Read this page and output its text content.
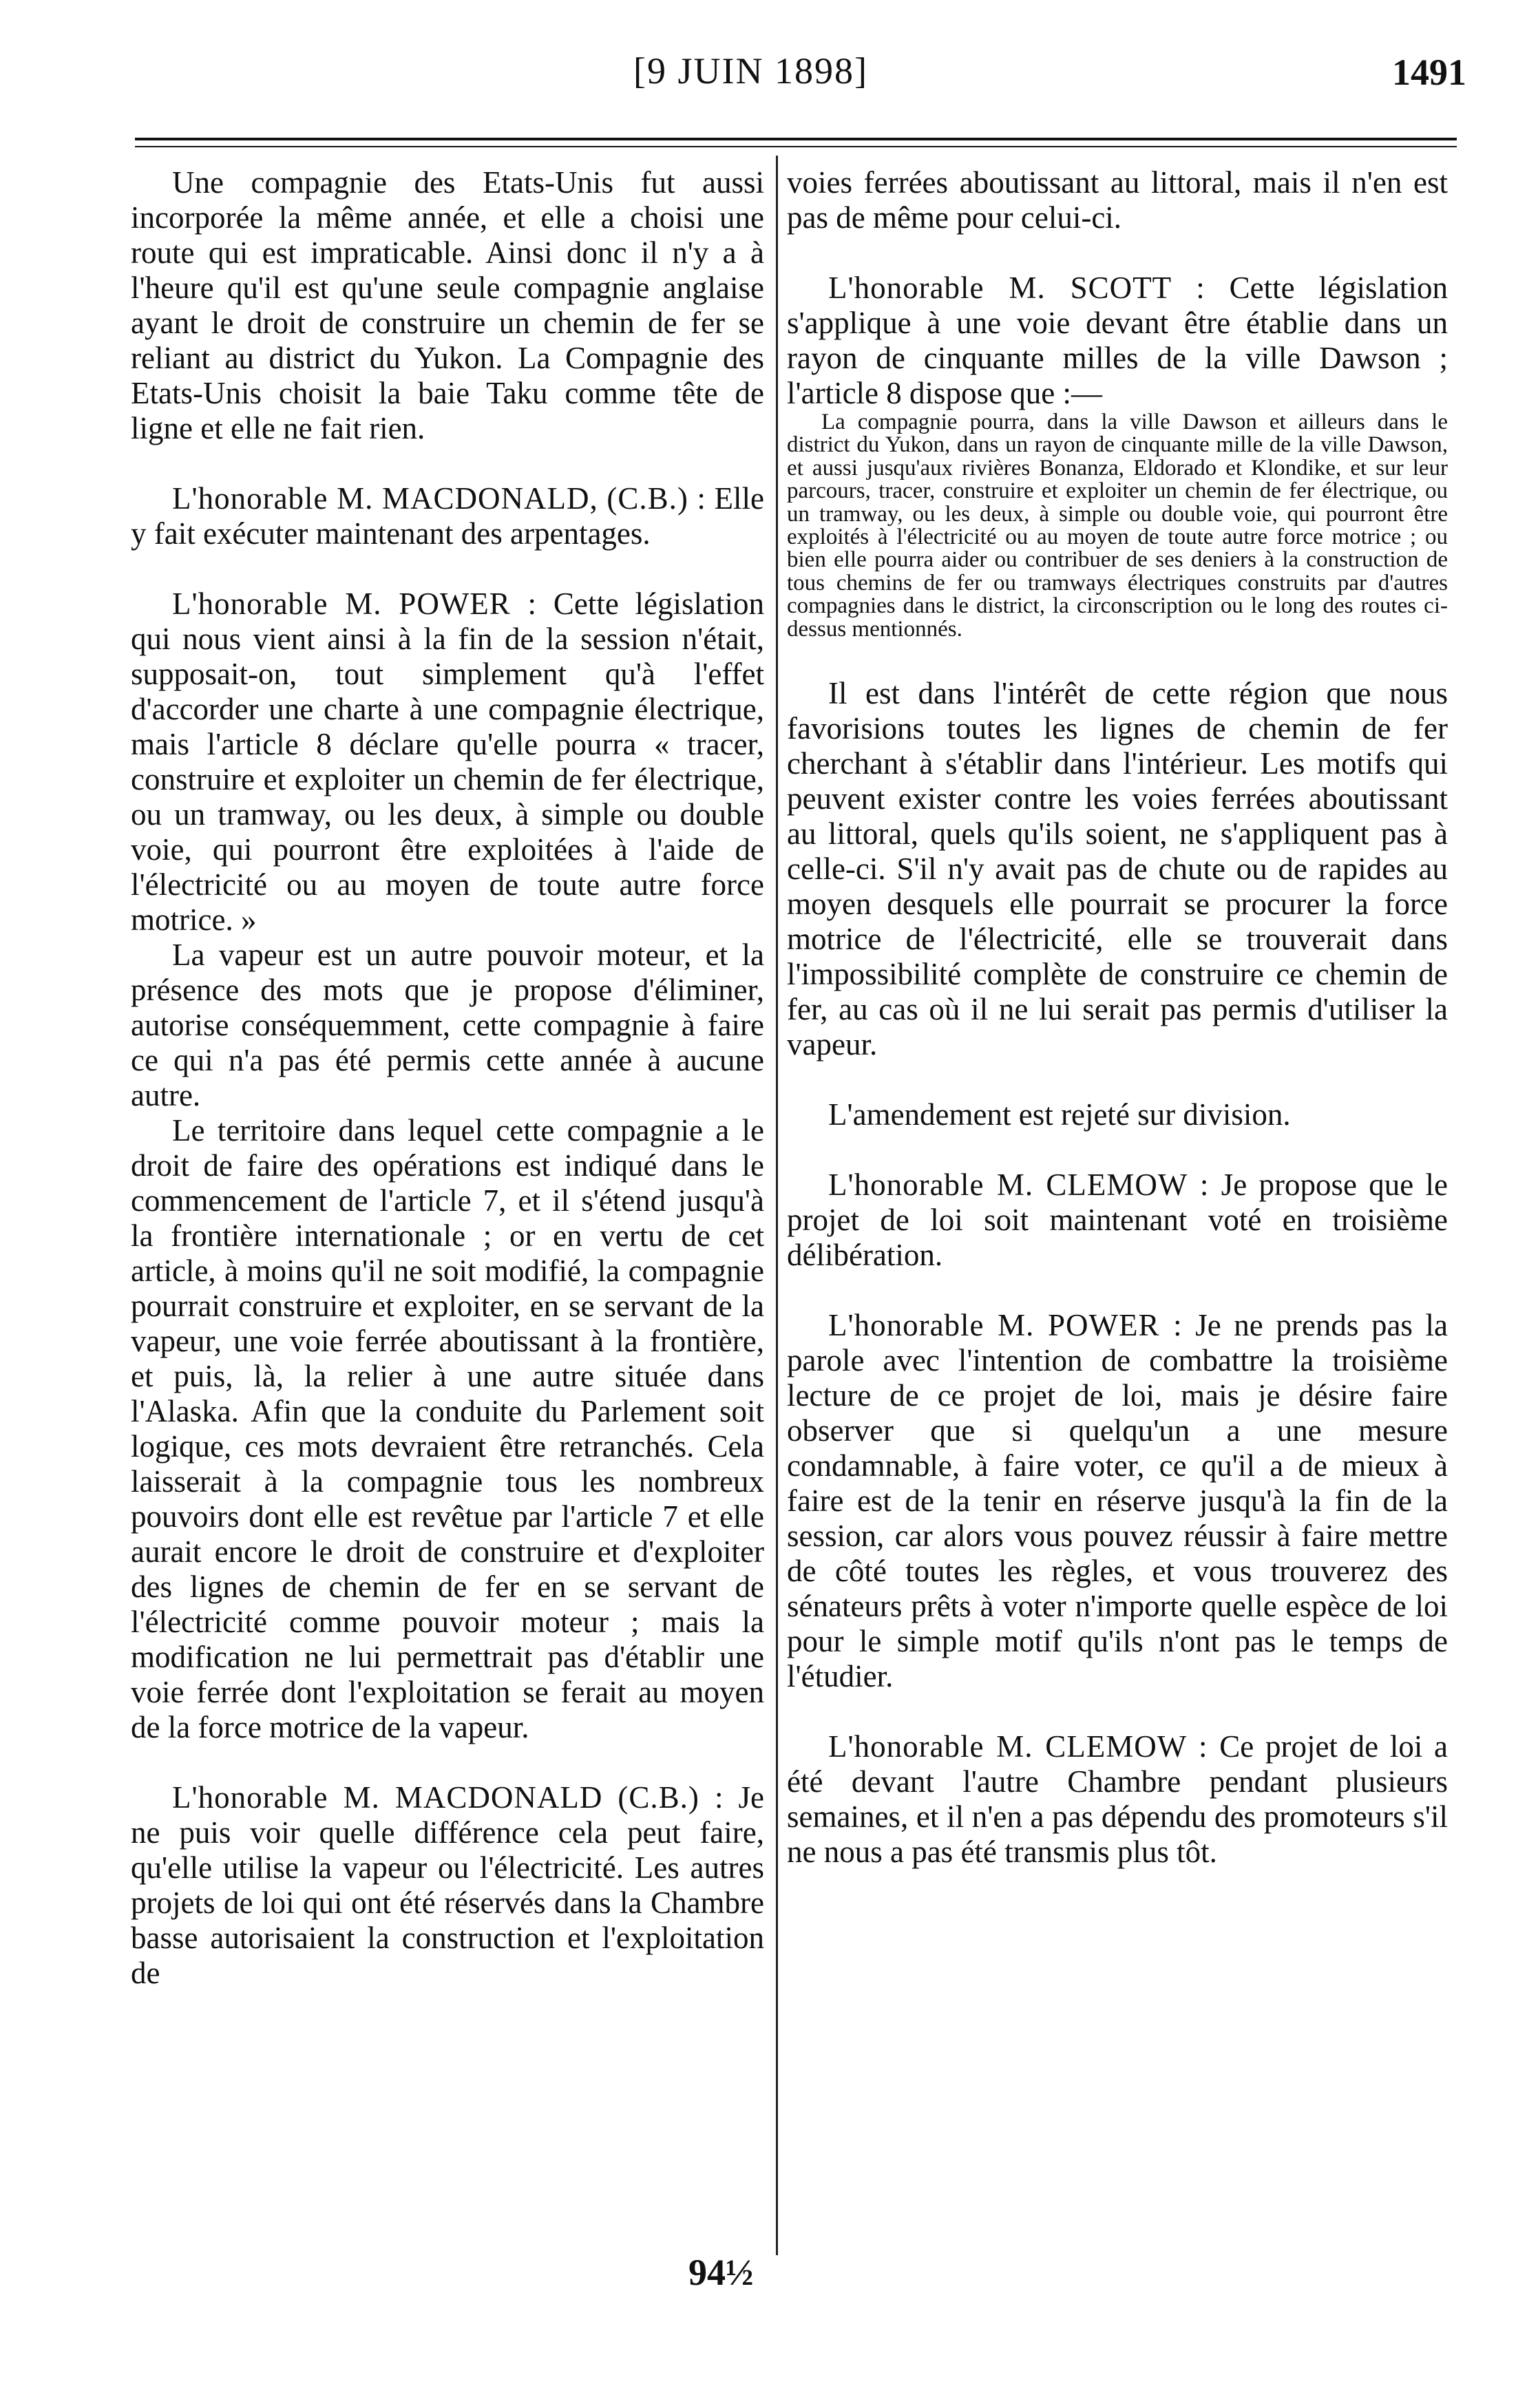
[9 JUIN 1898]	1491

Une compagnie des Etats-Unis fut aussi incorporée la même année, et elle a choisi une route qui est impraticable. Ainsi donc il n'y a à l'heure qu'il est qu'une seule compagnie anglaise ayant le droit de construire un chemin de fer se reliant au district du Yukon. La Compagnie des Etats-Unis choisit la baie Taku comme tête de ligne et elle ne fait rien.

L'honorable M. MACDONALD, (C.B.) : Elle y fait exécuter maintenant des arpentages.

L'honorable M. POWER : Cette législation qui nous vient ainsi à la fin de la session n'était, supposait-on, tout simplement qu'à l'effet d'accorder une charte à une compagnie électrique, mais l'article 8 déclare qu'elle pourra « tracer, construire et exploiter un chemin de fer électrique, ou un tramway, ou les deux, à simple ou double voie, qui pourront être exploitées à l'aide de l'électricité ou au moyen de toute autre force motrice. »

La vapeur est un autre pouvoir moteur, et la présence des mots que je propose d'éliminer, autorise conséquemment, cette compagnie à faire ce qui n'a pas été permis cette année à aucune autre.

Le territoire dans lequel cette compagnie a le droit de faire des opérations est indiqué dans le commencement de l'article 7, et il s'étend jusqu'à la frontière internationale ; or en vertu de cet article, à moins qu'il ne soit modifié, la compagnie pourrait construire et exploiter, en se servant de la vapeur, une voie ferrée aboutissant à la frontière, et puis, là, la relier à une autre située dans l'Alaska. Afin que la conduite du Parlement soit logique, ces mots devraient être retranchés. Cela laisserait à la compagnie tous les nombreux pouvoirs dont elle est revêtue par l'article 7 et elle aurait encore le droit de construire et d'exploiter des lignes de chemin de fer en se servant de l'électricité comme pouvoir moteur ; mais la modification ne lui permettrait pas d'établir une voie ferrée dont l'exploitation se ferait au moyen de la force motrice de la vapeur.

L'honorable M. MACDONALD (C.B.) : Je ne puis voir quelle différence cela peut faire, qu'elle utilise la vapeur ou l'électricité. Les autres projets de loi qui ont été réservés dans la Chambre basse autorisaient la construction et l'exploitation de

voies ferrées aboutissant au littoral, mais il n'en est pas de même pour celui-ci.

L'honorable M. SCOTT : Cette législation s'applique à une voie devant être établie dans un rayon de cinquante milles de la ville Dawson ; l'article 8 dispose que :—

La compagnie pourra, dans la ville Dawson et ailleurs dans le district du Yukon, dans un rayon de cinquante mille de la ville Dawson, et aussi jusqu'aux rivières Bonanza, Eldorado et Klondike, et sur leur parcours, tracer, construire et exploiter un chemin de fer électrique, ou un tramway, ou les deux, à simple ou double voie, qui pourront être exploités à l'électricité ou au moyen de toute autre force motrice ; ou bien elle pourra aider ou contribuer de ses deniers à la construction de tous chemins de fer ou tramways électriques construits par d'autres compagnies dans le district, la circonscription ou le long des routes ci-dessus mentionnés.

Il est dans l'intérêt de cette région que nous favorisions toutes les lignes de chemin de fer cherchant à s'établir dans l'intérieur. Les motifs qui peuvent exister contre les voies ferrées aboutissant au littoral, quels qu'ils soient, ne s'appliquent pas à celle-ci. S'il n'y avait pas de chute ou de rapides au moyen desquels elle pourrait se procurer la force motrice de l'électricité, elle se trouverait dans l'impossibilité complète de construire ce chemin de fer, au cas où il ne lui serait pas permis d'utiliser la vapeur.

L'amendement est rejeté sur division.

L'honorable M. CLEMOW : Je propose que le projet de loi soit maintenant voté en troisième délibération.

L'honorable M. POWER : Je ne prends pas la parole avec l'intention de combattre la troisième lecture de ce projet de loi, mais je désire faire observer que si quelqu'un a une mesure condamnable, à faire voter, ce qu'il a de mieux à faire est de la tenir en réserve jusqu'à la fin de la session, car alors vous pouvez réussir à faire mettre de côté toutes les règles, et vous trouverez des sénateurs prêts à voter n'importe quelle espèce de loi pour le simple motif qu'ils n'ont pas le temps de l'étudier.

L'honorable M. CLEMOW : Ce projet de loi a été devant l'autre Chambre pendant plusieurs semaines, et il n'en a pas dépendu des promoteurs s'il ne nous a pas été transmis plus tôt.

94½
